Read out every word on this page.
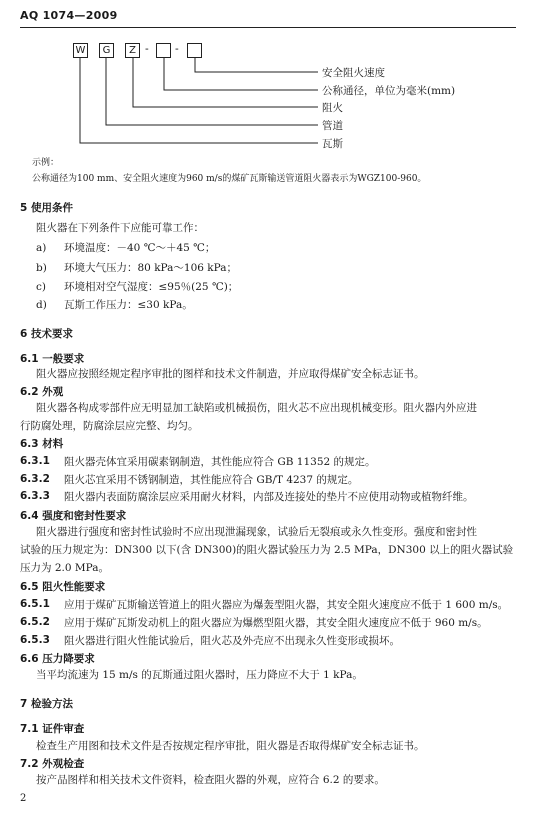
AQ 1074—2009
W	G	Z - -
安全阻火速度
公称通径，单位为毫米(mm)
阻火
管道
瓦斯
示例：
公称通径为100 mm、安全阻火速度为960 m/s的煤矿瓦斯输送管道阻火器表示为WGZ100-960。
5 使用条件
阻火器在下列条件下应能可靠工作：
a) 环境温度：－40 ℃～＋45 ℃；
b) 环境大气压力：80 kPa～106 kPa；
c) 环境相对空气湿度：≤95％(25 ℃)；
d) 瓦斯工作压力：≤30 kPa。
6 技术要求
6.1 一般要求
阻火器应按照经规定程序审批的图样和技术文件制造，并应取得煤矿安全标志证书。
6.2 外观
阻火器各构成零部件应无明显加工缺陷或机械损伤，阻火芯不应出现机械变形。阻火器内外应进
行防腐处理，防腐涂层应完整、均匀。
6.3 材料
6.3.1 阻火器壳体宜采用碳素钢制造，其性能应符合 GB 11352 的规定。
6.3.2 阻火芯宜采用不锈钢制造，其性能应符合 GB/T 4237 的规定。
6.3.3 阻火器内表面防腐涂层应采用耐火材料，内部及连接处的垫片不应使用动物或植物纤维。
6.4 强度和密封性要求
阻火器进行强度和密封性试验时不应出现泄漏现象，试验后无裂痕或永久性变形。强度和密封性
试验的压力规定为：DN300 以下(含 DN300)的阻火器试验压力为 2.5 MPa，DN300 以上的阻火器试验
压力为 2.0 MPa。
6.5 阻火性能要求
6.5.1 应用于煤矿瓦斯输送管道上的阻火器应为爆轰型阻火器，其安全阻火速度应不低于 1 600 m/s。
6.5.2 应用于煤矿瓦斯发动机上的阻火器应为爆燃型阻火器，其安全阻火速度应不低于 960 m/s。
6.5.3 阻火器进行阻火性能试验后，阻火芯及外壳应不出现永久性变形或损坏。
6.6 压力降要求
当平均流速为 15 m/s 的瓦斯通过阻火器时，压力降应不大于 1 kPa。
7 检验方法
7.1 证件审查
检查生产用图和技术文件是否按规定程序审批，阻火器是否取得煤矿安全标志证书。
7.2 外观检查
按产品图样和相关技术文件资料，检查阻火器的外观，应符合 6.2 的要求。
2
